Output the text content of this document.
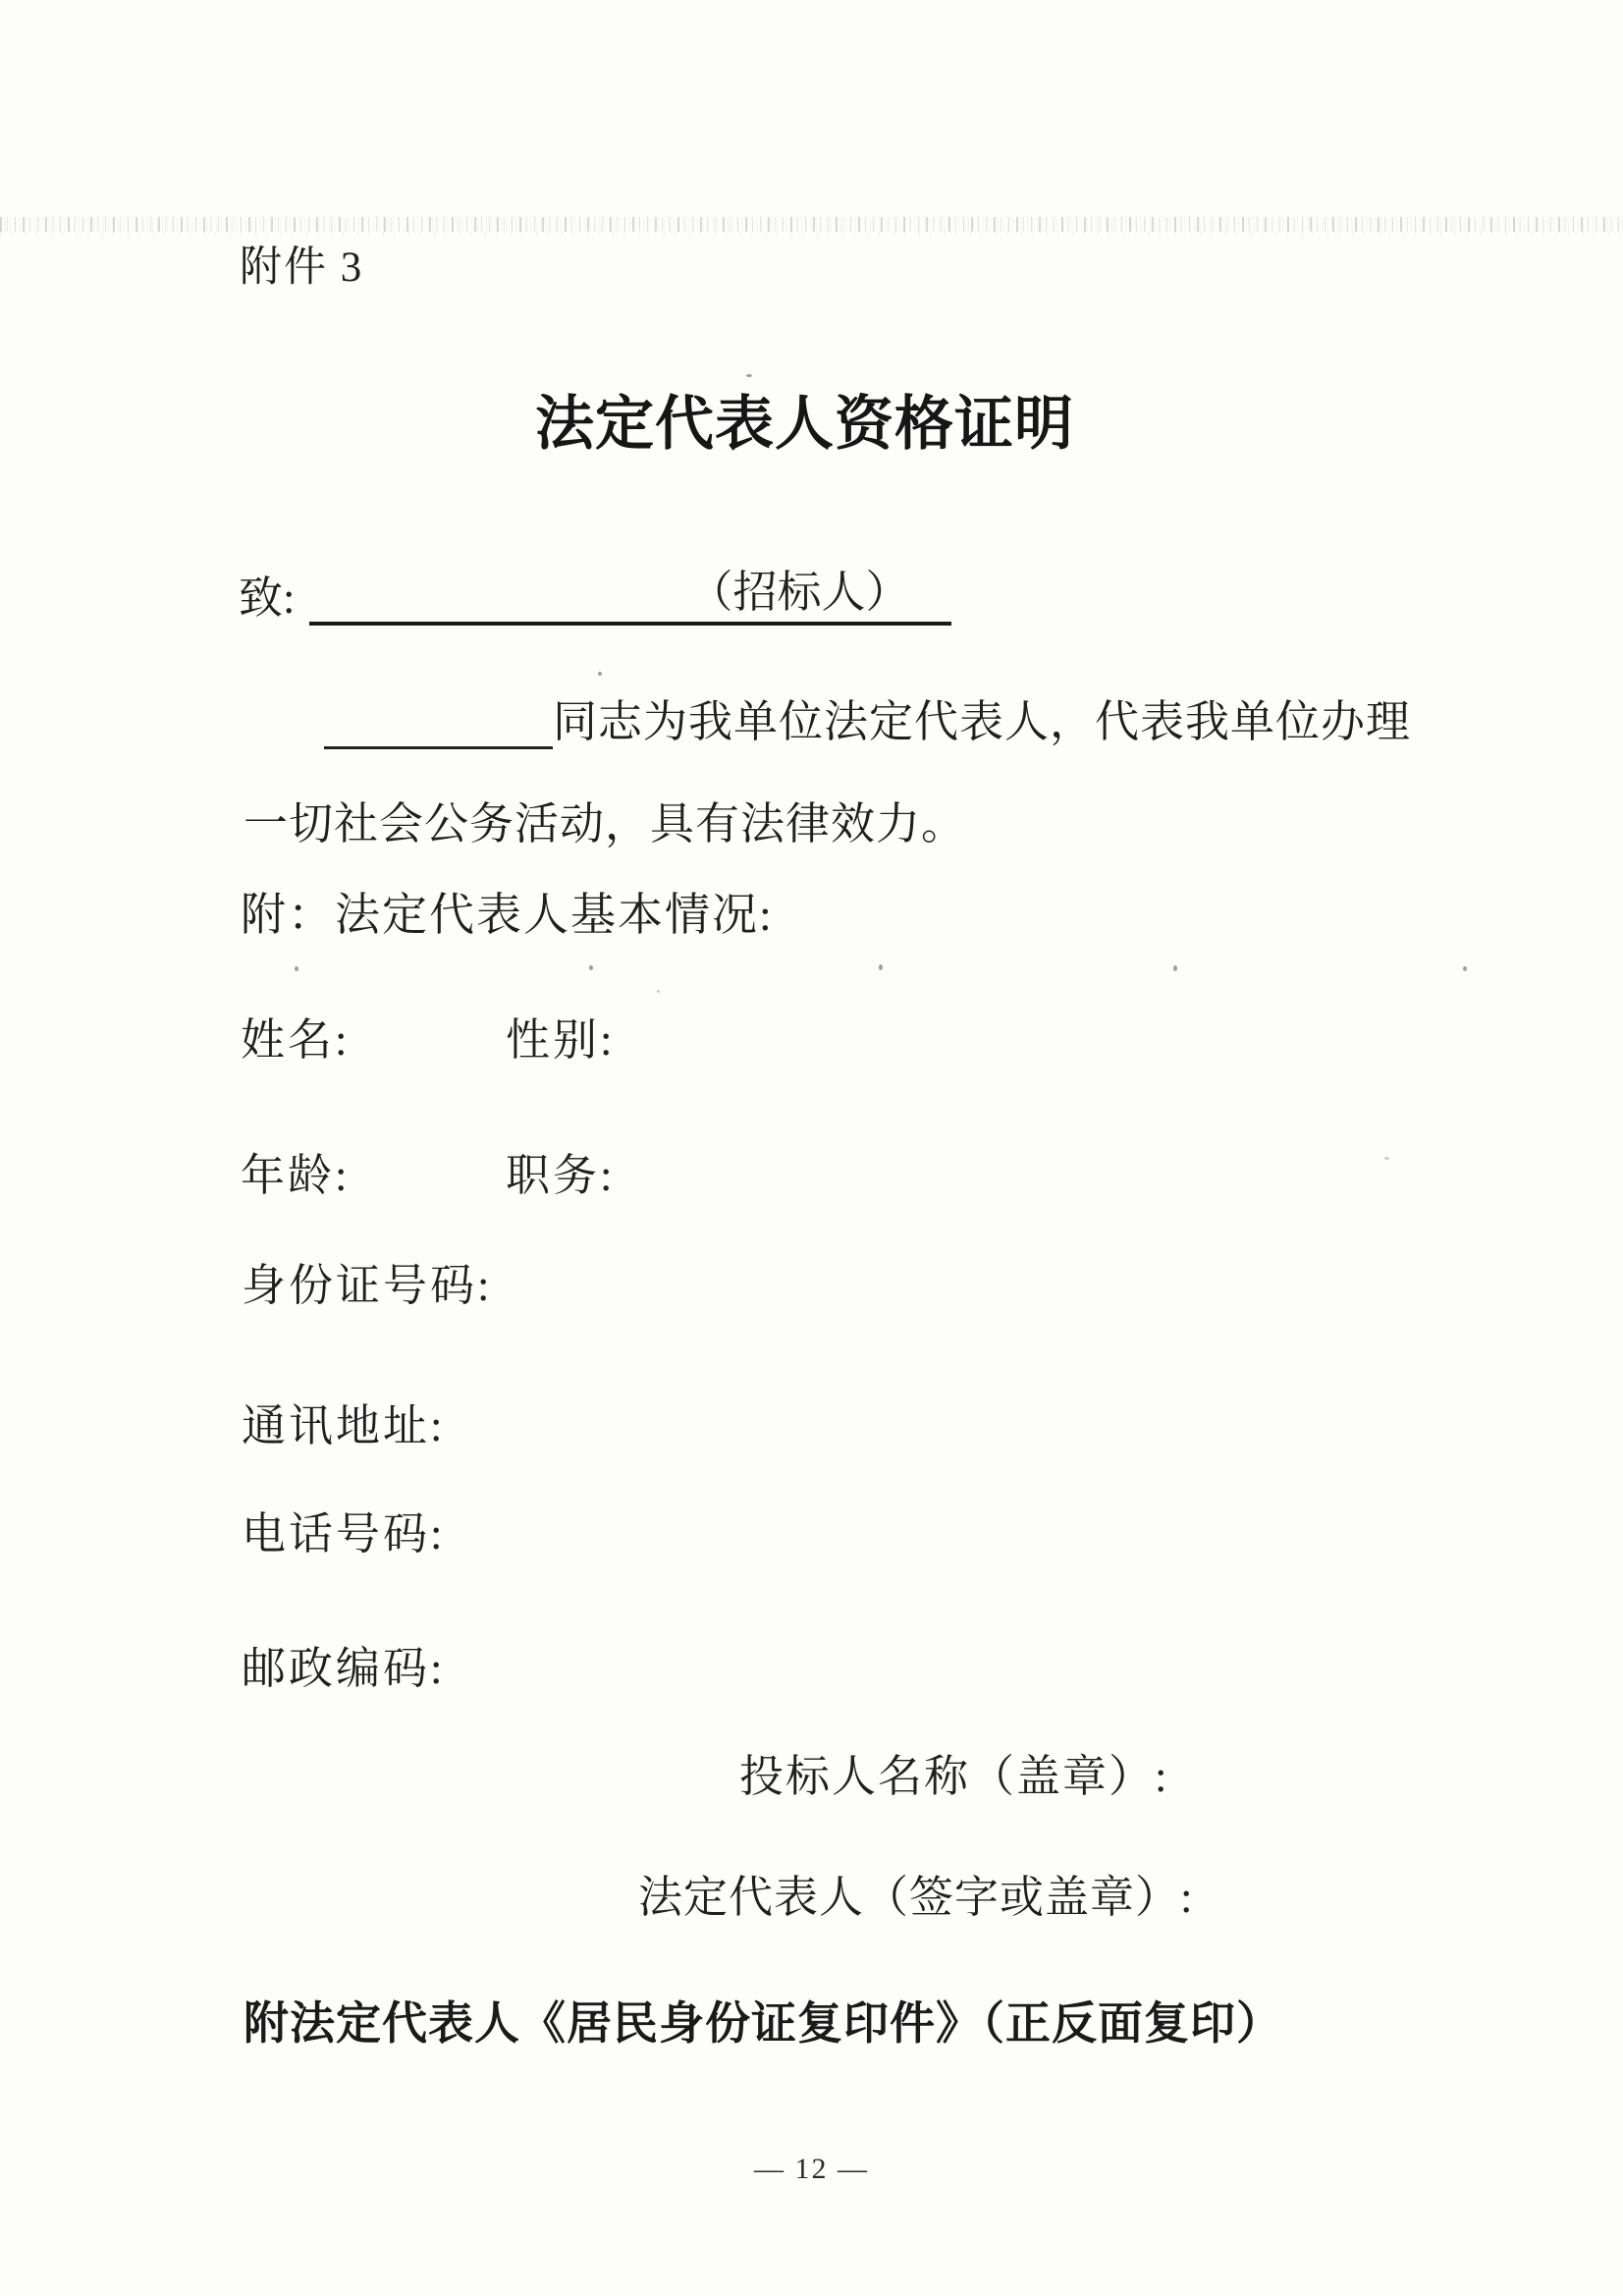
附件 3
法定代表人资格证明
致:	（招标人）
同志为我单位法定代表人，代表我单位办理
一切社会公务活动，具有法律效力。
附：法定代表人基本情况:
姓名:	性别:
年龄:	职务:
身份证号码:
通讯地址:
电话号码:
邮政编码:
投标人名称（盖章）:
法定代表人（签字或盖章）:
附法定代表人《居民身份证复印件》（正反面复印）
— 12 —
